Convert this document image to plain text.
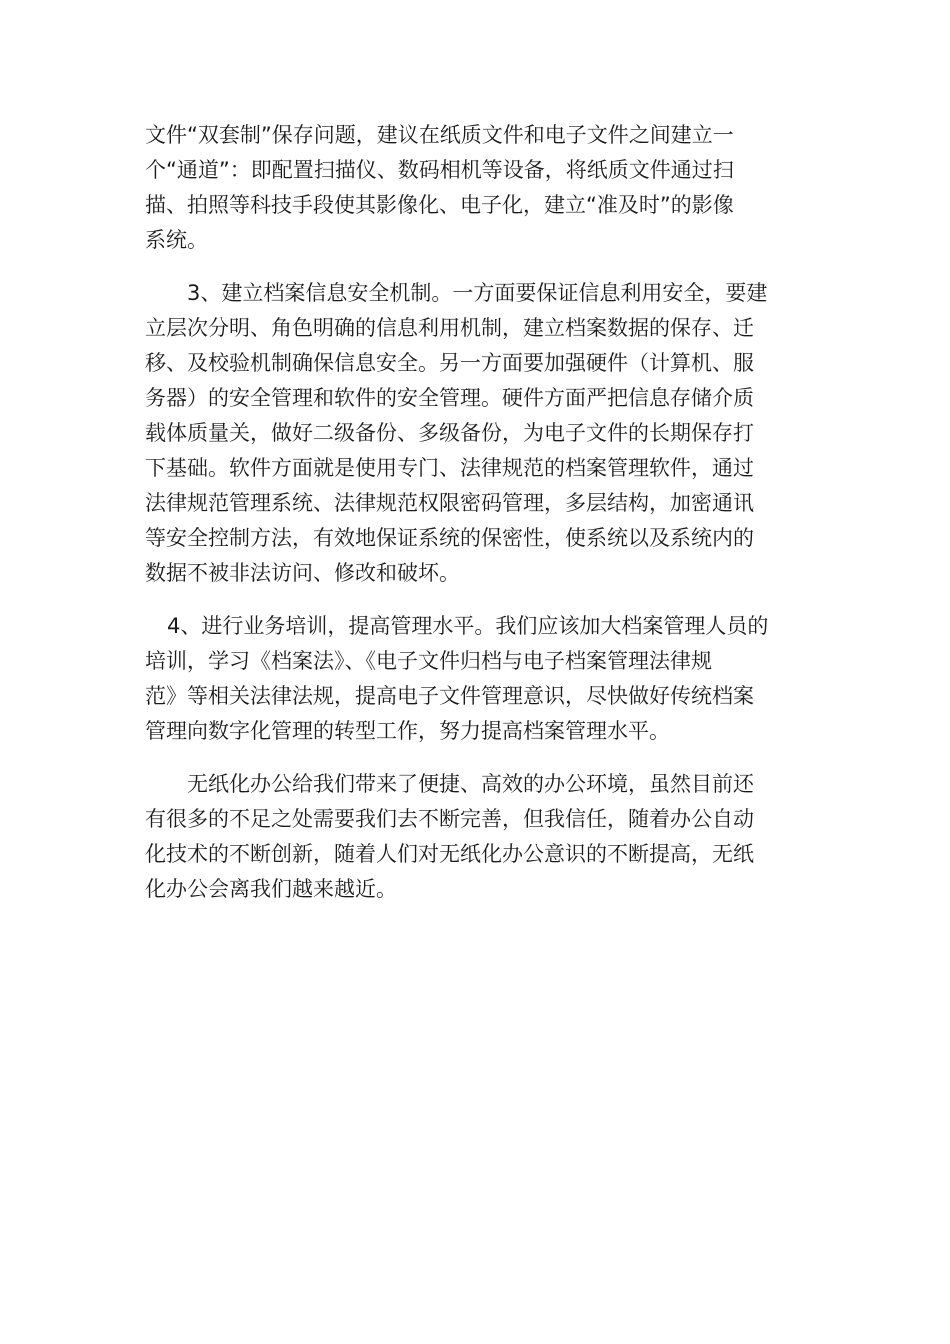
文件“双套制”保存问题，建议在纸质文件和电子文件之间建立一
个“通道”：即配置扫描仪、数码相机等设备，将纸质文件通过扫
描、拍照等科技手段使其影像化、电子化，建立“准及时”的影像
系统。
3、建立档案信息安全机制。一方面要保证信息利用安全，要建
立层次分明、角色明确的信息利用机制，建立档案数据的保存、迁
移、及校验机制确保信息安全。另一方面要加强硬件（计算机、服
务器）的安全管理和软件的安全管理。硬件方面严把信息存储介质
载体质量关，做好二级备份、多级备份，为电子文件的长期保存打
下基础。软件方面就是使用专门、法律规范的档案管理软件，通过
法律规范管理系统、法律规范权限密码管理，多层结构，加密通讯
等安全控制方法，有效地保证系统的保密性，使系统以及系统内的
数据不被非法访问、修改和破坏。
4、进行业务培训，提高管理水平。我们应该加大档案管理人员的
培训，学习《档案法》、《电子文件归档与电子档案管理法律规
范》等相关法律法规，提高电子文件管理意识，尽快做好传统档案
管理向数字化管理的转型工作，努力提高档案管理水平。
无纸化办公给我们带来了便捷、高效的办公环境，虽然目前还
有很多的不足之处需要我们去不断完善，但我信任，随着办公自动
化技术的不断创新，随着人们对无纸化办公意识的不断提高，无纸
化办公会离我们越来越近。
